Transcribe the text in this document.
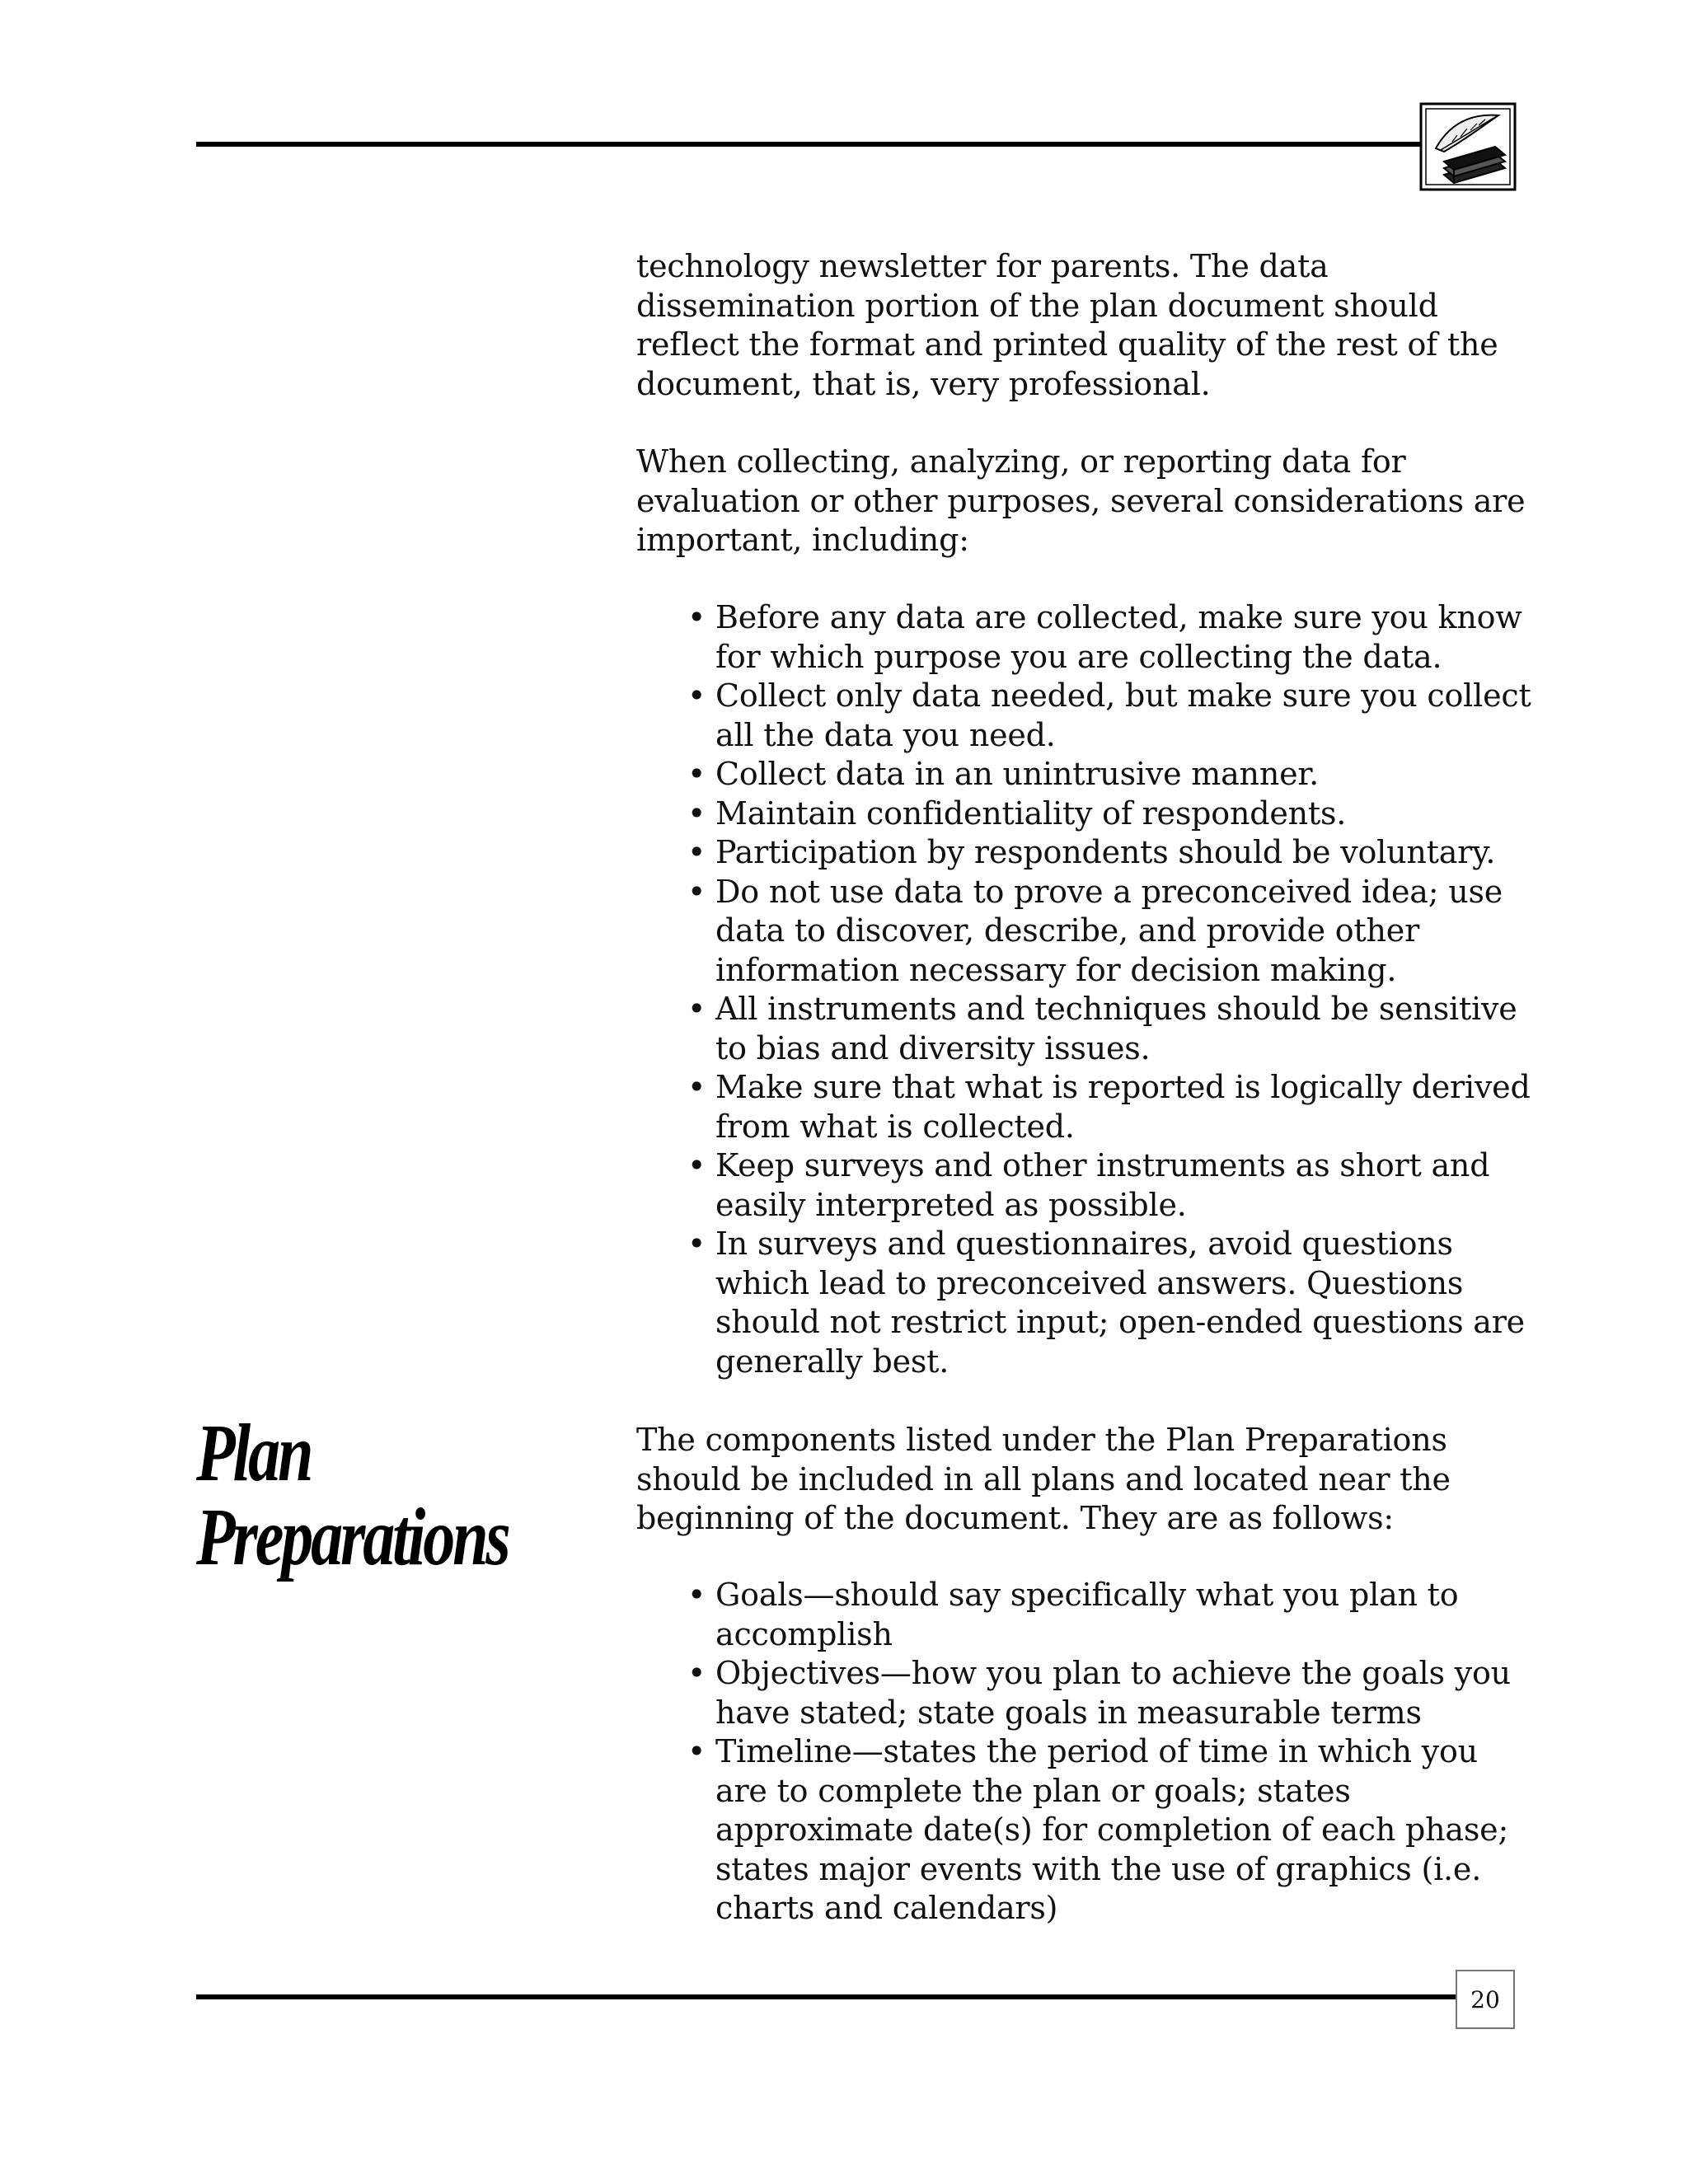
technology newsletter for parents. The data dissemination portion of the plan document should reflect the format and printed quality of the rest of the document, that is, very professional.

When collecting, analyzing, or reporting data for evaluation or other purposes, several considerations are important, including:

• Before any data are collected, make sure you know for which purpose you are collecting the data.
• Collect only data needed, but make sure you collect all the data you need.
• Collect data in an unintrusive manner.
• Maintain confidentiality of respondents.
• Participation by respondents should be voluntary.
• Do not use data to prove a preconceived idea; use data to discover, describe, and provide other information necessary for decision making.
• All instruments and techniques should be sensitive to bias and diversity issues.
• Make sure that what is reported is logically derived from what is collected.
• Keep surveys and other instruments as short and easily interpreted as possible.
• In surveys and questionnaires, avoid questions which lead to preconceived answers. Questions should not restrict input; open-ended questions are generally best.
Plan
Preparations

The components listed under the Plan Preparations should be included in all plans and located near the beginning of the document. They are as follows:

• Goals—should say specifically what you plan to accomplish
• Objectives—how you plan to achieve the goals you have stated; state goals in measurable terms
• Timeline—states the period of time in which you are to complete the plan or goals; states approximate date(s) for completion of each phase; states major events with the use of graphics (i.e. charts and calendars)
20
